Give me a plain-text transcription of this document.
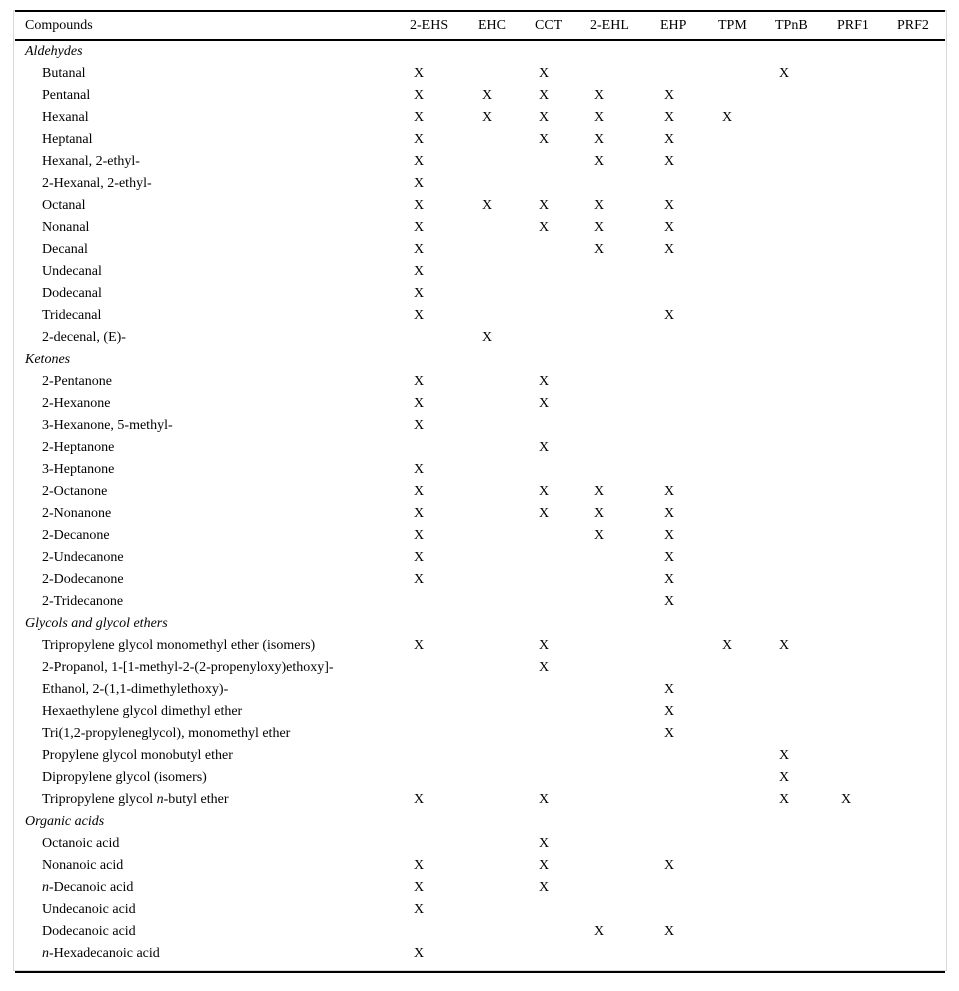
Compounds	2-EHS	EHC	CCT	2-EHL	EHP	TPM	TPnB	PRF1	PRF2
Aldehydes									
Butanal	X		X				X		
Pentanal	X	X	X	X	X				
Hexanal	X	X	X	X	X	X			
Heptanal	X		X	X	X				
Hexanal, 2-ethyl-	X			X	X				
2-Hexanal, 2-ethyl-	X								
Octanal	X	X	X	X	X				
Nonanal	X		X	X	X				
Decanal	X			X	X				
Undecanal	X								
Dodecanal	X								
Tridecanal	X				X				
2-decenal, (E)-		X							
Ketones									
2-Pentanone	X		X						
2-Hexanone	X		X						
3-Hexanone, 5-methyl-	X								
2-Heptanone			X						
3-Heptanone	X								
2-Octanone	X		X	X	X				
2-Nonanone	X		X	X	X				
2-Decanone	X			X	X				
2-Undecanone	X				X				
2-Dodecanone	X				X				
2-Tridecanone					X				
Glycols and glycol ethers									
Tripropylene glycol monomethyl ether (isomers)	X		X			X	X		
2-Propanol, 1-[1-methyl-2-(2-propenyloxy)ethoxy]-			X						
Ethanol, 2-(1,1-dimethylethoxy)-					X				
Hexaethylene glycol dimethyl ether					X				
Tri(1,2-propyleneglycol), monomethyl ether					X				
Propylene glycol monobutyl ether							X		
Dipropylene glycol (isomers)							X		
Tripropylene glycol n-butyl ether	X		X				X	X	
Organic acids									
Octanoic acid			X						
Nonanoic acid	X		X		X				
n-Decanoic acid	X		X						
Undecanoic acid	X								
Dodecanoic acid				X	X				
n-Hexadecanoic acid	X								
